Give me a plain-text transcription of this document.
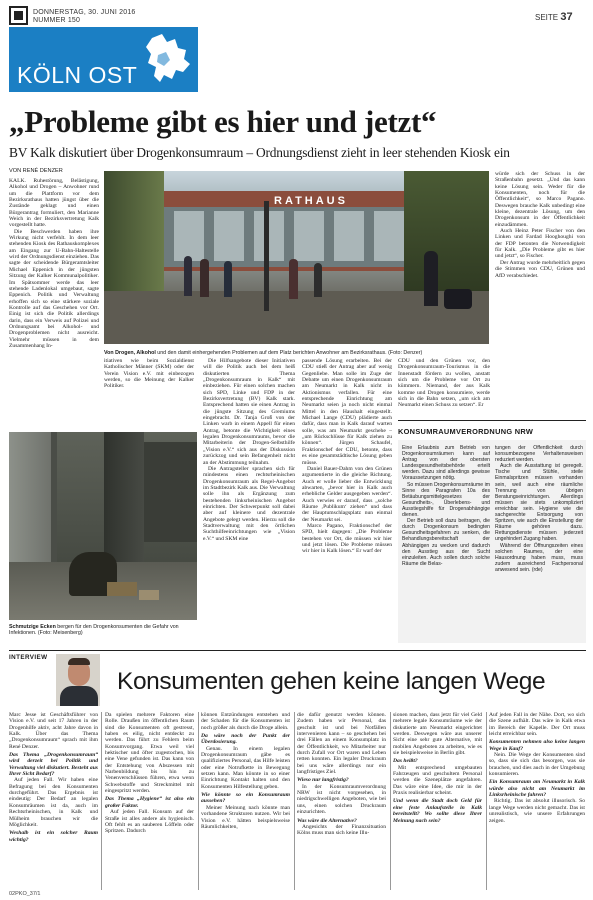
DONNERSTAG, 30. JUNI 2016
NUMMER 150	SEITE 37
KÖLN OST
„Probleme gibt es hier und jetzt“
BV Kalk diskutiert über Drogenkonsumraum – Ordnungsdienst zieht in leer stehenden Kiosk ein
VON RENÉ DENZER
RATHAUS
Von Drogen, Alkohol und den damit einhergehenden Problemen auf dem Platz berichten Anwohner am Bezirksrathaus. (Foto: Denzer)

KALK. Ruhestörung, Belästigung, Alkohol und Drogen – Anwohner rund um die Plattform vor dem Bezirksrathaus hatten jüngst über die Zustände geklagt und einen Bürgerantrag formuliert, den Marianne Weich in der Bezirksvertretung Kalk vorgestellt hatte.

Die Beschwerden haben ihre Wirkung nicht verfehlt. In dem leer stehenden Kiosk des Rathauskomplexes am Eingang zur U-Bahn-Haltestelle wird der Ordnungsdienst einziehen. Das sagte der scheidende Bürgeramtsleiter Michael Eppenich in der jüngsten Sitzung der Kalker Kommunalpolitiker. Im Spätsommer werde das leer stehende Ladenlokal umgebaut, sagte Eppenich. Politik und Verwaltung erhoffen sich so eine stärkere soziale Kontrolle auf das Geschehen vor Ort. Einig ist sich die Politik allerdings darin, dass ein Verweis auf Polizei und Ordnungsamt bei Alkohol- und Drogenproblemen nicht ausreicht. Vielmehr müssen in dem Zusammenhang In-

itiativen wie beim Sozialdienst Katholischer Männer (SKM) oder der Verein Vision e.V. mit einbezogen werden, so die Meinung der Kalker Politiker.

Die Hilfsangebote dieser Initiativen will die Politik auch bei dem heiß diskutierten Thema „Drogenkonsumraum in Kalk“ mit einbeziehen. Für einen solchen machen sich SPD, Linke und FDP in der Bezirksvertretung (BV) Kalk stark. Entsprechend hatten sie einen Antrag in die jüngste Sitzung des Gremiums eingebracht. Dr. Tanja Groß von der Linken warb in einem Appell für einen Antrag, betonte die Wichtigkeit eines legalen Drogenkonsumraums, bevor die Mitarbeiterin der Drogen-Selbsthilfe „Vision e.V.“ sich aus der Diskussion zurückzog und sein Befangenheit nicht an der Abstimmung teilnahm.

Die Antragsteller sprachen sich für mindestens einen rechtsrheinischen Drogenkonsumraum als Regel-Angebot im Stadtbezirk Kalk aus. Die Verwaltung solle ihn als Ergänzung zum bestehenden linksrheinischen Angebot einrichten. Der Schwerpunkt soll dabei aber auf kleinere und dezentrale Angebote gelegt werden. Hierzu soll die Stadtverwaltung mit den örtlichen Suchthilfeeinrichtungen wie „Vision e.V.“ und SKM eine

passende Lösung erarbeiten. Bei der CDU stieß der Antrag aber auf wenig Gegenliebe. Man solle im Zuge der Debatte um einen Drogenkonsumraum am Neumarkt in Kalk nicht in Aktionismus verfallen. Für eine entsprechende Einrichtung am Neumarkt seien ja noch nicht einmal Mittel in den Haushalt eingestellt. Michael Lange (CDU) plädierte auch dafür, dass man in Kalk darauf warten solle, was am Neumarkt geschehe – „um Rückschlüsse für Kalk ziehen zu können“. Jürgen Schaufel, Fraktionschef der CDU, betonte, dass es eine gesamtstädtische Lösung geben müsse.

Daniel Bauer-Dahm von den Grünen argumentierte in die gleiche Richtung. Auch er wolle lieber die Entwicklung abwarten, „bevor hier in Kalk auch erhebliche Gelder ausgegeben werden“. Auch verwies er darauf, dass „solche Räume ‚Publikum‘ ziehen“ und dass der Hauptumschlagsplatz nun einmal der Neumarkt sei.

Marco Pagano, Fraktionschef der SPD, hielt dagegen: „Die Probleme bestehen vor Ort, die müssen wir hier und jetzt lösen. Die Probleme müssen wir hier in Kalk lösen.“ Er warf der

CDU und den Grünen vor, den Drogenkonsumraum-Tourismus in die Innenstadt fördern zu wollen, anstatt sich um die Probleme vor Ort zu kümmern. Niemand, der aus Kalk komme und Drogen konsumiere, werde sich in die Bahn setzen, „um sich am Neumarkt einen Schuss zu setzen“. Er

würde sich der Schuss in der Straßenbahn gesetzt. „Und das kann keine Lösung sein. Weder für die Konsumenten, noch für die Öffentlichkeit“, so Marco Pagano. Deswegen brauche Kalk unbedingt eine kleine, dezentrale Lösung, um den Drogenkonsum in der Öffentlichkeit einzudämmen.

Auch Heinz Peter Fischer von den Linken und Fardad Hooghoughi von der FDP betonten die Notwendigkeit für Kalk. „Die Probleme gibt es hier und jetzt“, so Fischer.

Der Antrag wurde mehrheitlich gegen die Stimmen von CDU, Grünen und AfD verabschiedet.

Schmutzige Ecken bergen für den Drogenkonsumenten die Gefahr von Infektionen. (Foto: Meisenberg)
KONSUMRAUMVERORDNUNG NRW

Eine Erlaubnis zum Betrieb von Drogenkonsumräumen kann auf Antrag von der obersten Landesgesundheitsbehörde erteilt werden. Dazu sind allerdings gewisse Voraussetzungen nötig.

So müssen Drogenkonsumräume im Sinne des Paragrafen 10a des Betäubungsmittelgesetzes der Gesundheits-, Überlebens- und Ausstiegshilfe für Drogenabhängige dienen.

Der Betrieb soll dazu beitragen, die durch Drogenkonsum bedingten Gesundheitsgefahren zu senken, die Behandlungsbereitschaft der Abhängigen zu wecken und dadurch den Ausstieg aus der Sucht einzuleiten. Auch sollen durch solche Räume die Belas-

tungen der Öffentlichkeit durch konsumbezogene Verhaltensweisen reduziert werden.

Auch die Ausstattung ist geregelt. Tische und Stühle, steile Einmalspritzen müssen vorhanden sein, weil auch eine räumliche Trennung von übrigen Beratungseinrichtungen. Allerdings müssen sie stets unkompliziert erreichbar sein. Hygiene wie die sachgerechte Entsorgung von Spritzen, wie auch die Einstellung der Räume gehören dazu. Rettungsdienste müssen jederzeit ungehindert Zugang haben.

Während der Öffnungszeiten eines solchen Raumes, der eine Hausordnung haben muss, muss zudem ausreichend Fachpersonal anwesend sein. (rde)

INTERVIEW
Konsumenten gehen keine langen Wege

Marc Jesse ist Geschäftsführer von Vision e.V. und seit 17 Jahren in der Drogenhilfe aktiv, acht Jahre davon in Kalk. Über das Thema „Drogenkonsumraum“ sprach mit ihm René Denzer.

Das Thema „Drogenkonsumraum“ wird derzeit bei Politik und Verwaltung viel diskutiert. Besteht aus Ihrer Sicht Bedarf?

Auf jeden Fall. Wir haben eine Befragung bei den Konsumenten durchgeführt. Das Ergebnis ist eindeutig: Der Bedarf an legalen Konsumräumen ist da, auch im Rechtsrheinischen, in Kalk und Mülheim brauchen wir die Möglichkeit.

Weshalb ist ein solcher Raum wichtig?

Da spielen mehrere Faktoren eine Rolle. Draußen im öffentlichen Raum sind die Konsumenten oft gestresst, haben es eilig, nicht entdeckt zu werden. Das führt zu Fehlern beim Konsumvorgang. Etwa weil viel hektischer und öfter zugestochen, bis eine Vene gefunden ist. Das kann von der Entstehung von Abszessen mit Narbenbildung bis hin zu Venenverschlüssen führen, etwa wenn Schwebstoffe und Streckmittel mit eingespritzt werden.

Das Thema „Hygiene“ ist also ein großer Faktor.

Auf jeden Fall. Konsum auf der Straße ist alles andere als hygienisch. Oft fehlt es an sauberen Löffeln oder Spritzen. Dadurch

können Entzündungen entstehen und der Schaden für die Konsumenten ist noch größer als durch die Droge allein.

Da wäre noch der Punkt der Überdosierung.

Genau. In einem legalen Drogenkonsumraum gäbe es qualifiziertes Personal, das Hilfe leisten oder eine Notrufkette in Bewegung setzen kann. Man könnte in so einer Einrichtung Kontakt halten und den Konsumenten Hilfestellung geben.

Wie könnte so ein Konsumraum aussehen?

Meiner Meinung nach könnte man vorhandene Strukturen nutzen. Wir bei Vision e.V. hätten beispielsweise Räumlichkeiten,

die dafür genutzt werden können. Zudem haben wir Personal, das geschult ist und bei Notfällen intervenieren kann – so geschehen bei drei Fällen an einem Konsumplatz in der Öffentlichkeit, wo Mitarbeiter nur durch Zufall vor Ort waren und Leben retten konnten. Ein legaler Druckraum bei uns wäre allerdings nur ein langfristiges Ziel.

Wieso nur langfristig?

In der Konsumraumverordnung NRW ist nicht vorgesehen, in niedrigschwelligen Angeboten, wie bei uns, einen solchen Druckraum einzurichten.

Was wäre die Alternative?

Angesichts der Finanzsituation Kölns muss man sich keine Illu-

sionen machen, dass jetzt für viel Geld mehrere legale Konsumräume wie der diskutierte am Neumarkt eingerichtet werden. Deswegen wäre aus unserer Sicht eine sehr gute Alternative, mit mobilen Angeboten zu arbeiten, wie es sie beispielsweise in Berlin gibt.

Das heißt?

Mit entsprechend umgebauten Fahrzeugen und geschultem Personal werden die Szeneplätze angefahren. Das wäre eine Idee, die mir in der Praxis realisierbar scheint.

Und wenn die Stadt doch Geld für eine feste Anlaufstelle in Kalk bereitstellt? Wo sollte diese Ihrer Meinung nach sein?

Auf jeden Fall in der Nähe. Dort, wo sich die Szene aufhält. Das wäre in Kalk etwa im Bereich der Kapelle. Der Ort muss leicht erreichbar sein.

Konsumenten nehmen also keine langen Wege in Kauf?

Nein. Die Wege der Konsumenten sind so, dass sie sich das besorgen, was sie brauchen, und dies auch in der Umgebung konsumieren.

Ein Konsumraum am Neumarkt in Kalk würde also nicht am Neumarkt im Linksrheinische fahren?

Richtig. Das ist absolut illusorisch. So lange Wege werden nicht gemacht. Das ist unrealistisch, wie unsere Erfahrungen zeigen.

02PKO_37/1
